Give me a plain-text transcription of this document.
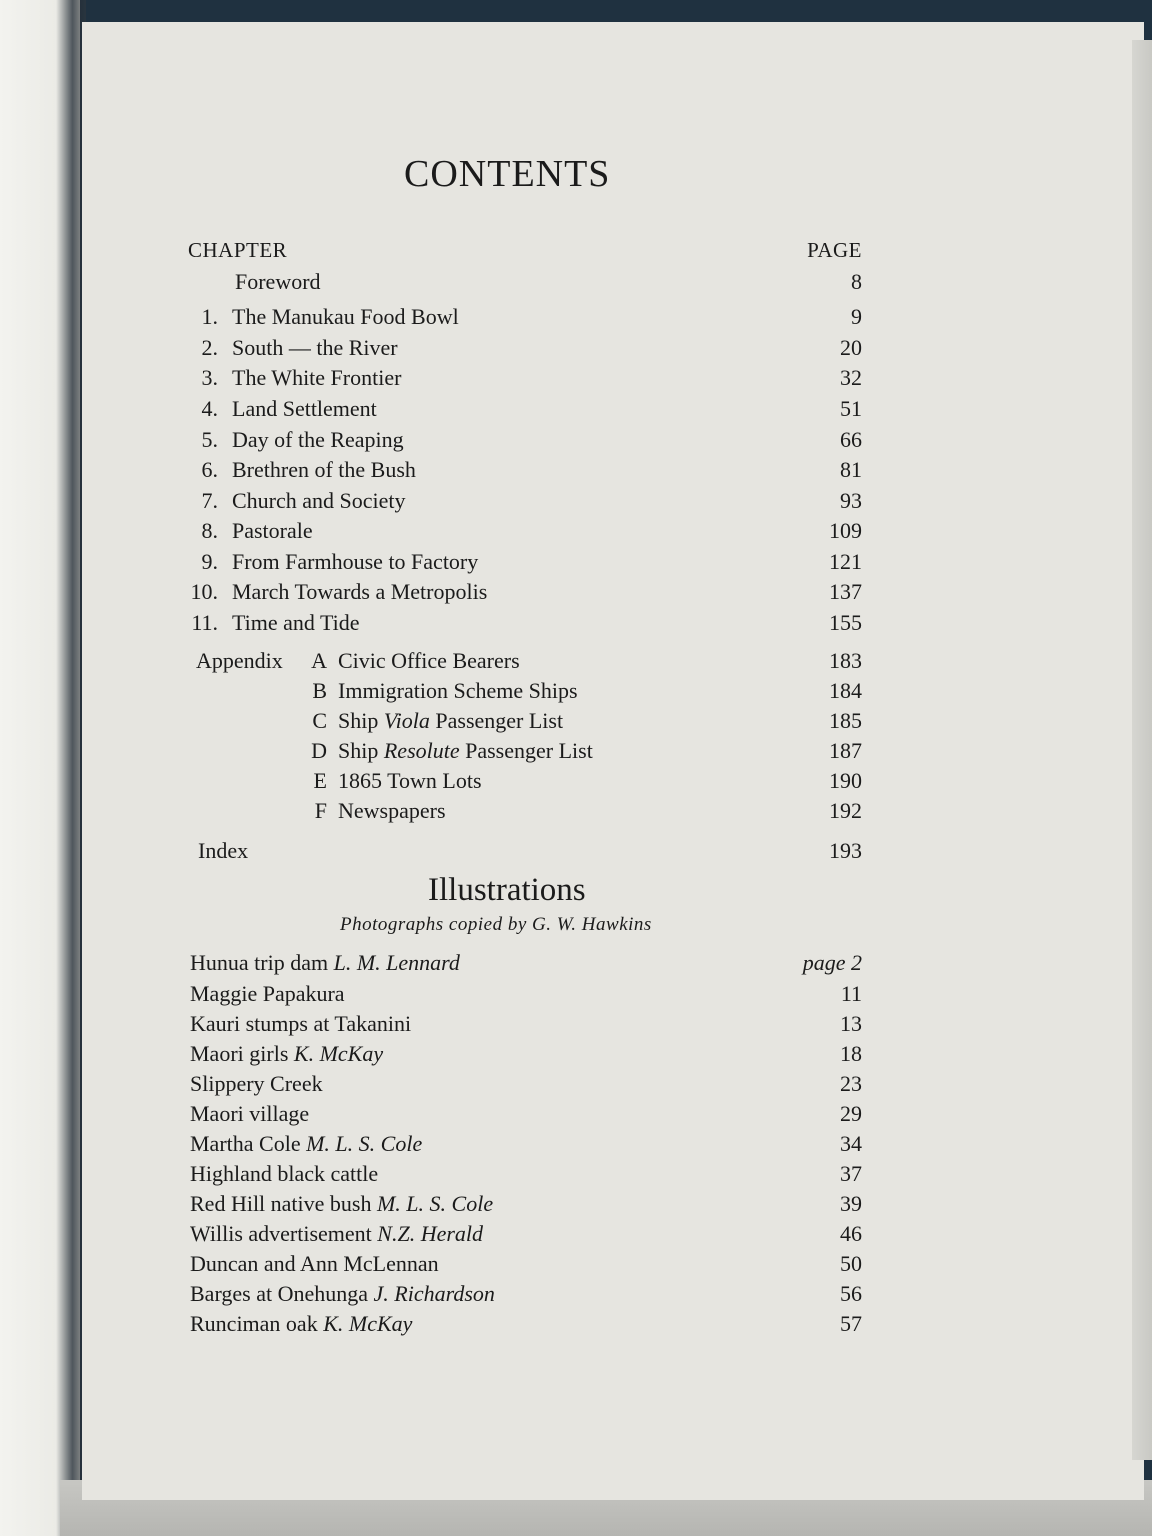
CONTENTS
CHAPTER	PAGE
Foreword	8
1. The Manukau Food Bowl	9
2. South — the River	20
3. The White Frontier	32
4. Land Settlement	51
5. Day of the Reaping	66
6. Brethren of the Bush	81
7. Church and Society	93
8. Pastorale	109
9. From Farmhouse to Factory	121
10. March Towards a Metropolis	137
11. Time and Tide	155
Appendix	A Civic Office Bearers	183
B Immigration Scheme Ships	184
C Ship Viola Passenger List	185
D Ship Resolute Passenger List	187
E 1865 Town Lots	190
F Newspapers	192
Index	193
Illustrations
Photographs copied by G. W. Hawkins
Hunua trip dam L. M. Lennard	page 2
Maggie Papakura	11
Kauri stumps at Takanini	13
Maori girls K. McKay	18
Slippery Creek	23
Maori village	29
Martha Cole M. L. S. Cole	34
Highland black cattle	37
Red Hill native bush M. L. S. Cole	39
Willis advertisement N.Z. Herald	46
Duncan and Ann McLennan	50
Barges at Onehunga J. Richardson	56
Runciman oak K. McKay	57
